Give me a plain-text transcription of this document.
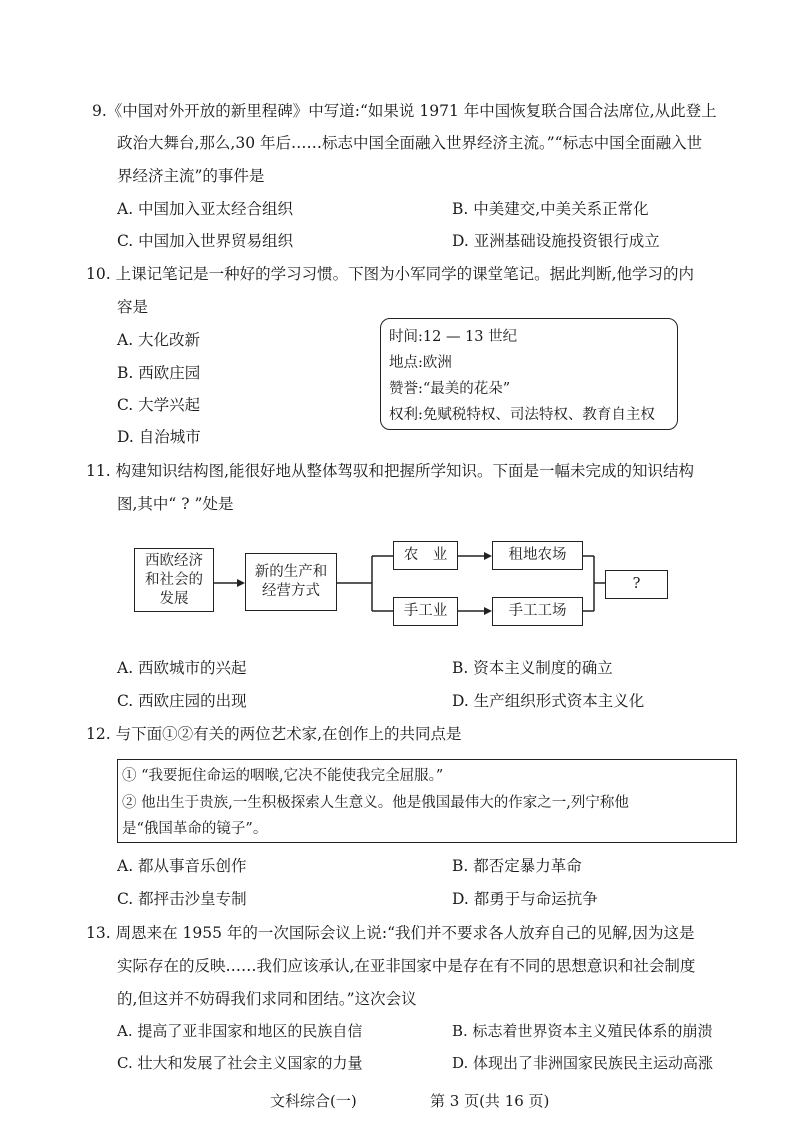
9.《中国对外开放的新里程碑》中写道:“如果说 1971 年中国恢复联合国合法席位,从此登上
政治大舞台,那么,30 年后……标志中国全面融入世界经济主流。”“标志中国全面融入世
界经济主流”的事件是
A. 中国加入亚太经合组织	B. 中美建交,中美关系正常化
C. 中国加入世界贸易组织	D. 亚洲基础设施投资银行成立
10. 上课记笔记是一种好的学习习惯。下图为小军同学的课堂笔记。据此判断,他学习的内
容是
A. 大化改新
B. 西欧庄园
C. 大学兴起
D. 自治城市
时间:12 — 13 世纪
地点:欧洲
赞誉:“最美的花朵”
权利:免赋税特权、司法特权、教育自主权
11. 构建知识结构图,能很好地从整体驾驭和把握所学知识。下面是一幅未完成的知识结构
图,其中“ ? ”处是
西欧经济和社会的发展
新的生产和经营方式
农　业
手工业
租地农场
手工工场
?
A. 西欧城市的兴起	B. 资本主义制度的确立
C. 西欧庄园的出现	D. 生产组织形式资本主义化
12. 与下面①②有关的两位艺术家,在创作上的共同点是
① “我要扼住命运的咽喉,它决不能使我完全屈服。”
② 他出生于贵族,一生积极探索人生意义。他是俄国最伟大的作家之一,列宁称他
是“俄国革命的镜子”。
A. 都从事音乐创作	B. 都否定暴力革命
C. 都抨击沙皇专制	D. 都勇于与命运抗争
13. 周恩来在 1955 年的一次国际会议上说:“我们并不要求各人放弃自己的见解,因为这是
实际存在的反映……我们应该承认,在亚非国家中是存在有不同的思想意识和社会制度
的,但这并不妨碍我们求同和团结。”这次会议
A. 提高了亚非国家和地区的民族自信	B. 标志着世界资本主义殖民体系的崩溃
C. 壮大和发展了社会主义国家的力量	D. 体现出了非洲国家民族民主运动高涨
文科综合(一)	第 3 页(共 16 页)
